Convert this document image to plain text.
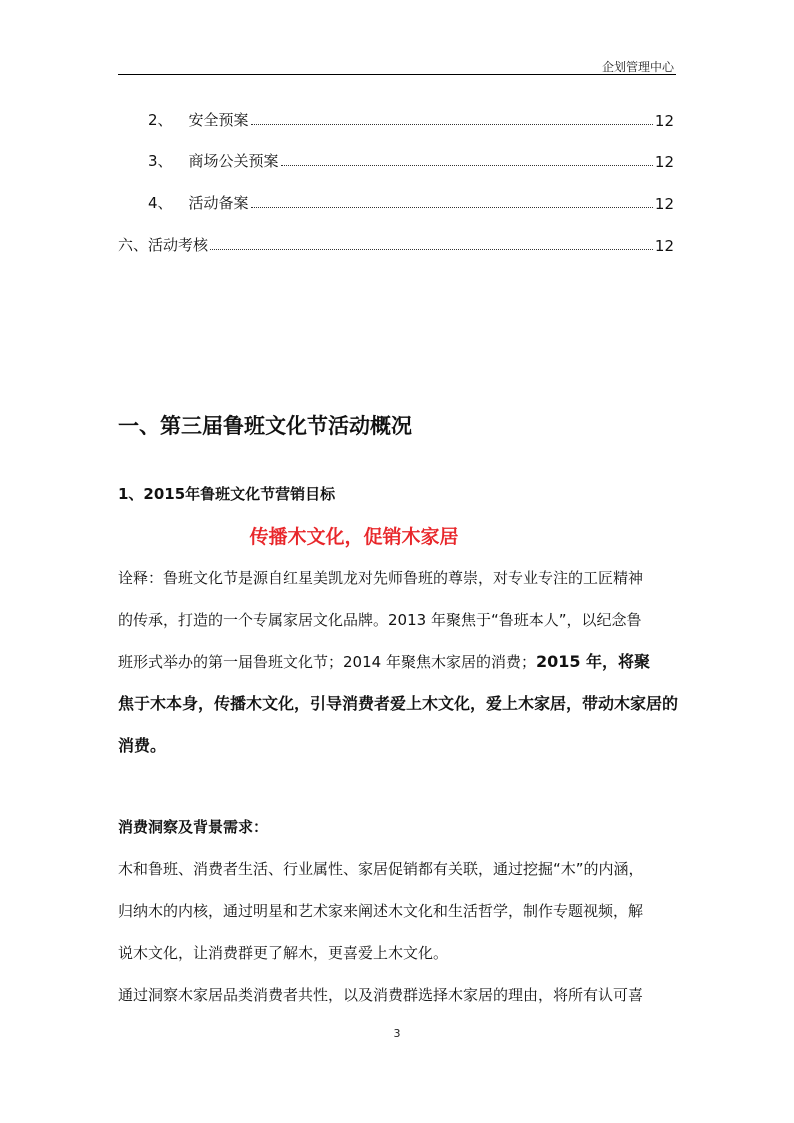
企划管理中心
2、 安全预案	12
3、 商场公关预案	12
4、 活动备案	12
六、活动考核	12
一、第三届鲁班文化节活动概况
1、2015年鲁班文化节营销目标
传播木文化，促销木家居
诠释：鲁班文化节是源自红星美凯龙对先师鲁班的尊崇，对专业专注的工匠精神
的传承，打造的一个专属家居文化品牌。2013 年聚焦于“鲁班本人”，以纪念鲁
班形式举办的第一届鲁班文化节；2014 年聚焦木家居的消费；2015 年，将聚
焦于木本身，传播木文化，引导消费者爱上木文化，爱上木家居，带动木家居的
消费。
消费洞察及背景需求：
木和鲁班、消费者生活、行业属性、家居促销都有关联，通过挖掘“木”的内涵，
归纳木的内核，通过明星和艺术家来阐述木文化和生活哲学，制作专题视频，解
说木文化，让消费群更了解木，更喜爱上木文化。
通过洞察木家居品类消费者共性，以及消费群选择木家居的理由，将所有认可喜
3
